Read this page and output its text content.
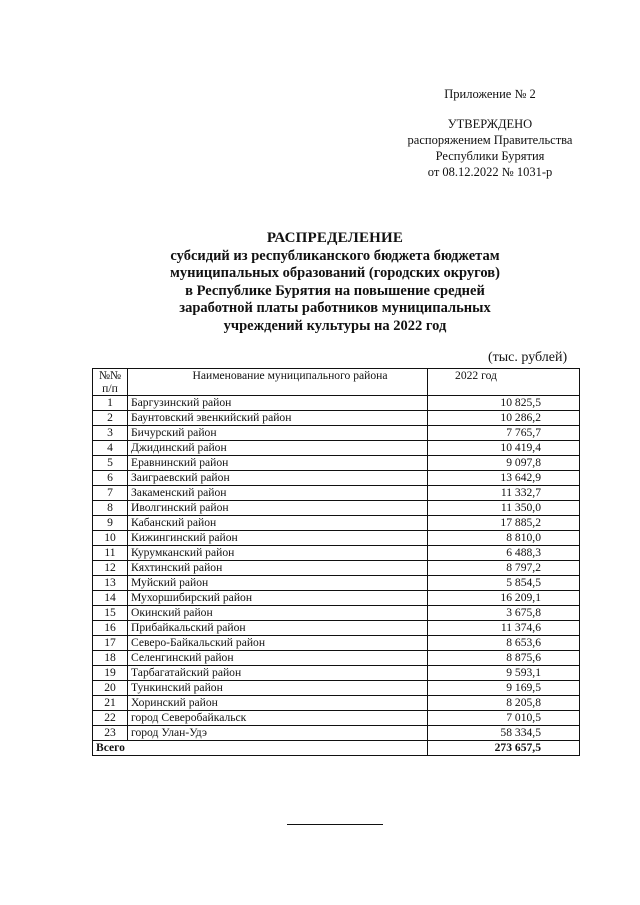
Приложение № 2
УТВЕРЖДЕНО
распоряжением Правительства
Республики Бурятия
от 08.12.2022 № 1031-р
РАСПРЕДЕЛЕНИЕ
субсидий из республиканского бюджета бюджетам
муниципальных образований (городских округов)
в Республике Бурятия на повышение средней
заработной платы работников муниципальных
учреждений культуры на 2022 год
(тыс. рублей)
№№ п/п	Наименование муниципального района	2022 год
1	Баргузинский район	10 825,5
2	Баунтовский эвенкийский район	10 286,2
3	Бичурский район	7 765,7
4	Джидинский район	10 419,4
5	Еравнинский район	9 097,8
6	Заиграевский район	13 642,9
7	Закаменский район	11 332,7
8	Иволгинский район	11 350,0
9	Кабанский район	17 885,2
10	Кижингинский район	8 810,0
11	Курумканский район	6 488,3
12	Кяхтинский район	8 797,2
13	Муйский район	5 854,5
14	Мухоршибирский район	16 209,1
15	Окинский район	3 675,8
16	Прибайкальский район	11 374,6
17	Северо-Байкальский район	8 653,6
18	Селенгинский район	8 875,6
19	Тарбагатайский район	9 593,1
20	Тункинский район	9 169,5
21	Хоринский район	8 205,8
22	город Северобайкальск	7 010,5
23	город Улан-Удэ	58 334,5
Всего		273 657,5
